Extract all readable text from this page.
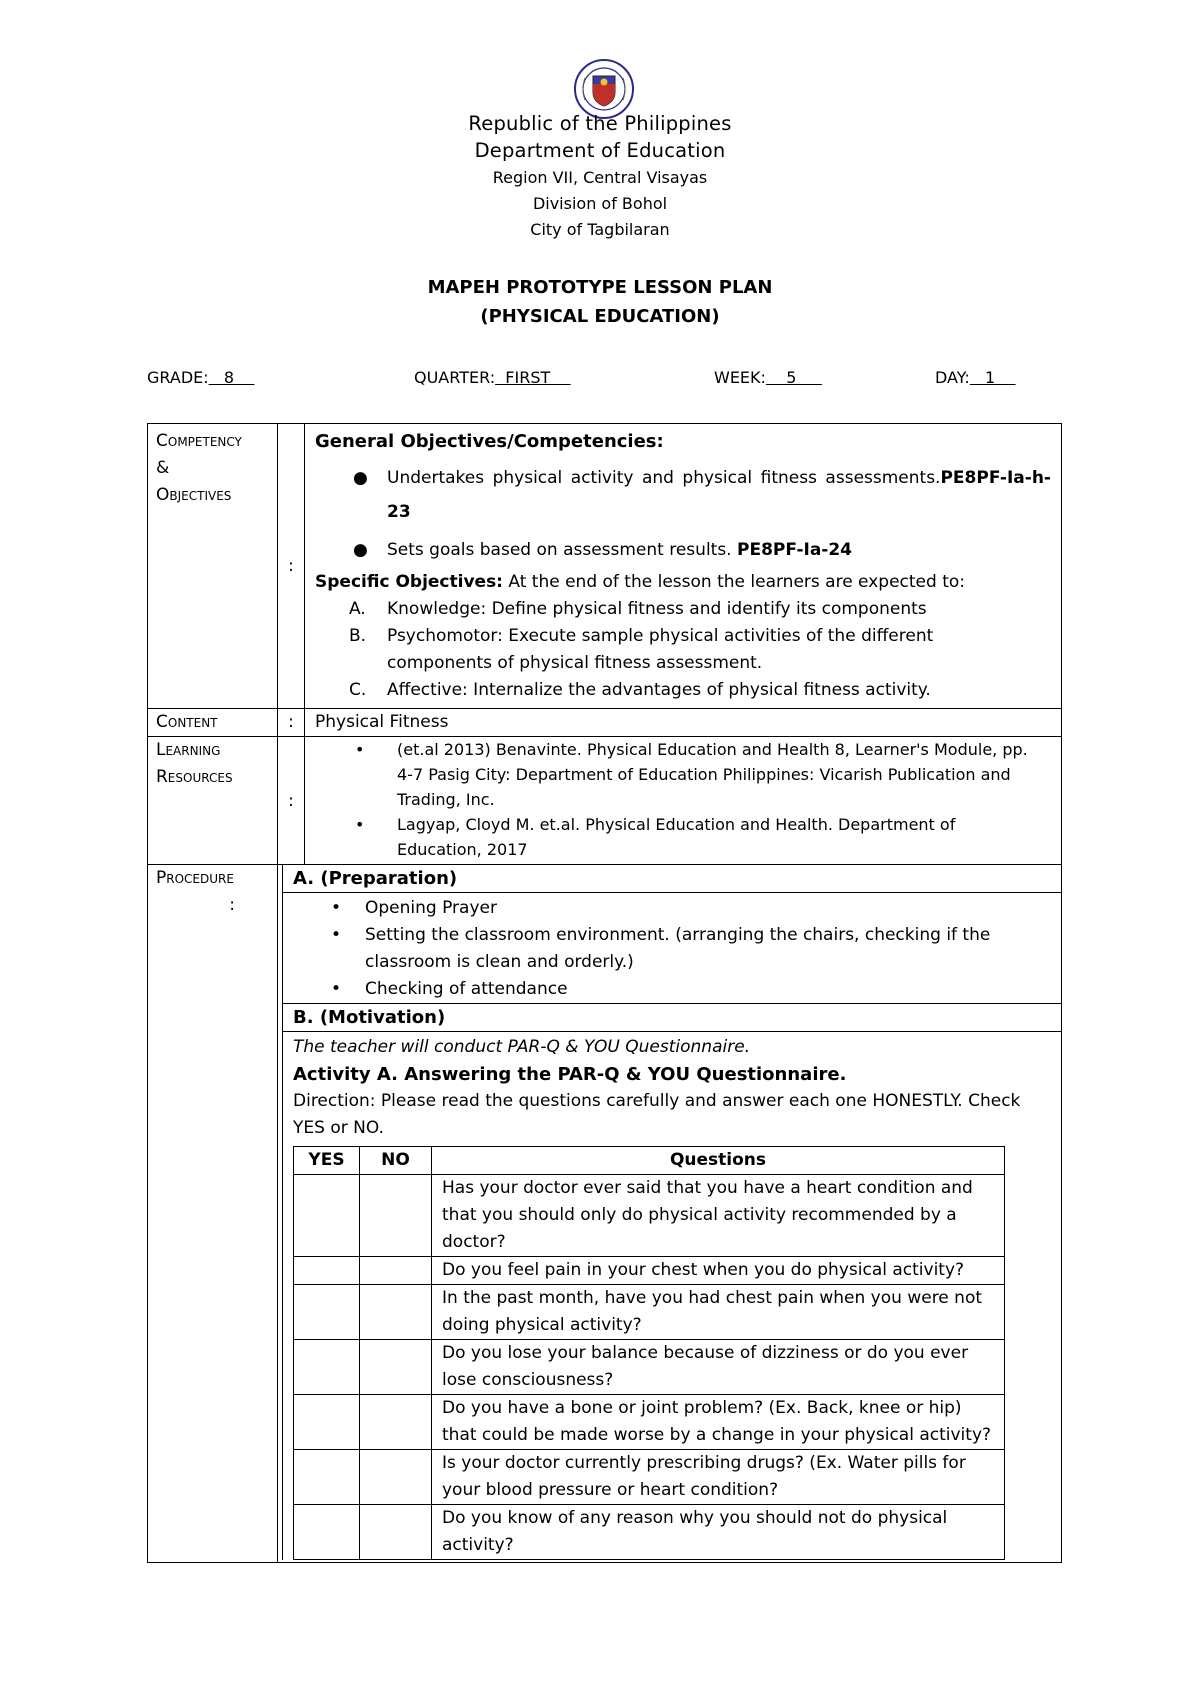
Republic of the Philippines
Department of Education
Region VII, Central Visayas
Division of Bohol
City of Tagbilaran
MAPEH PROTOTYPE LESSON PLAN
(PHYSICAL EDUCATION)
GRADE:   8	QUARTER:  FIRST	WEEK:    5	DAY:   1
Competency
&
Objectives
	:	
General Objectives/Competencies:
● Undertakes physical activity and physical fitness assessments.PE8PF-Ia-h-23
● Sets goals based on assessment results. PE8PF-Ia-24
Specific Objectives: At the end of the lesson the learners are expected to:
A.	Knowledge: Define physical fitness and identify its components
B.	Psychomotor: Execute sample physical activities of the different components of physical fitness assessment.
C.	Affective: Internalize the advantages of physical fitness activity.

Content	:	Physical Fitness

Learning
Resources
	:	
• (et.al 2013) Benavinte. Physical Education and Health 8, Learner's Module, pp. 4-7 Pasig City: Department of Education Philippines: Vicarish Publication and Trading, Inc.
• Lagyap, Cloyd M. et.al. Physical Education and Health. Department of Education, 2017

Procedure
:

A. (Preparation)
• Opening Prayer
• Setting the classroom environment. (arranging the chairs, checking if the classroom is clean and orderly.)
• Checking of attendance
B. (Motivation)
The teacher will conduct PAR-Q & YOU Questionnaire.
Activity A. Answering the PAR-Q & YOU Questionnaire.
Direction: Please read the questions carefully and answer each one HONESTLY. Check YES or NO.
YES	NO	Questions
		Has your doctor ever said that you have a heart condition and that you should only do physical activity recommended by a doctor?
		Do you feel pain in your chest when you do physical activity?
		In the past month, have you had chest pain when you were not doing physical activity?
		Do you lose your balance because of dizziness or do you ever lose consciousness?
		Do you have a bone or joint problem? (Ex. Back, knee or hip) that could be made worse by a change in your physical activity?
		Is your doctor currently prescribing drugs? (Ex. Water pills for your blood pressure or heart condition?
		Do you know of any reason why you should not do physical activity?
